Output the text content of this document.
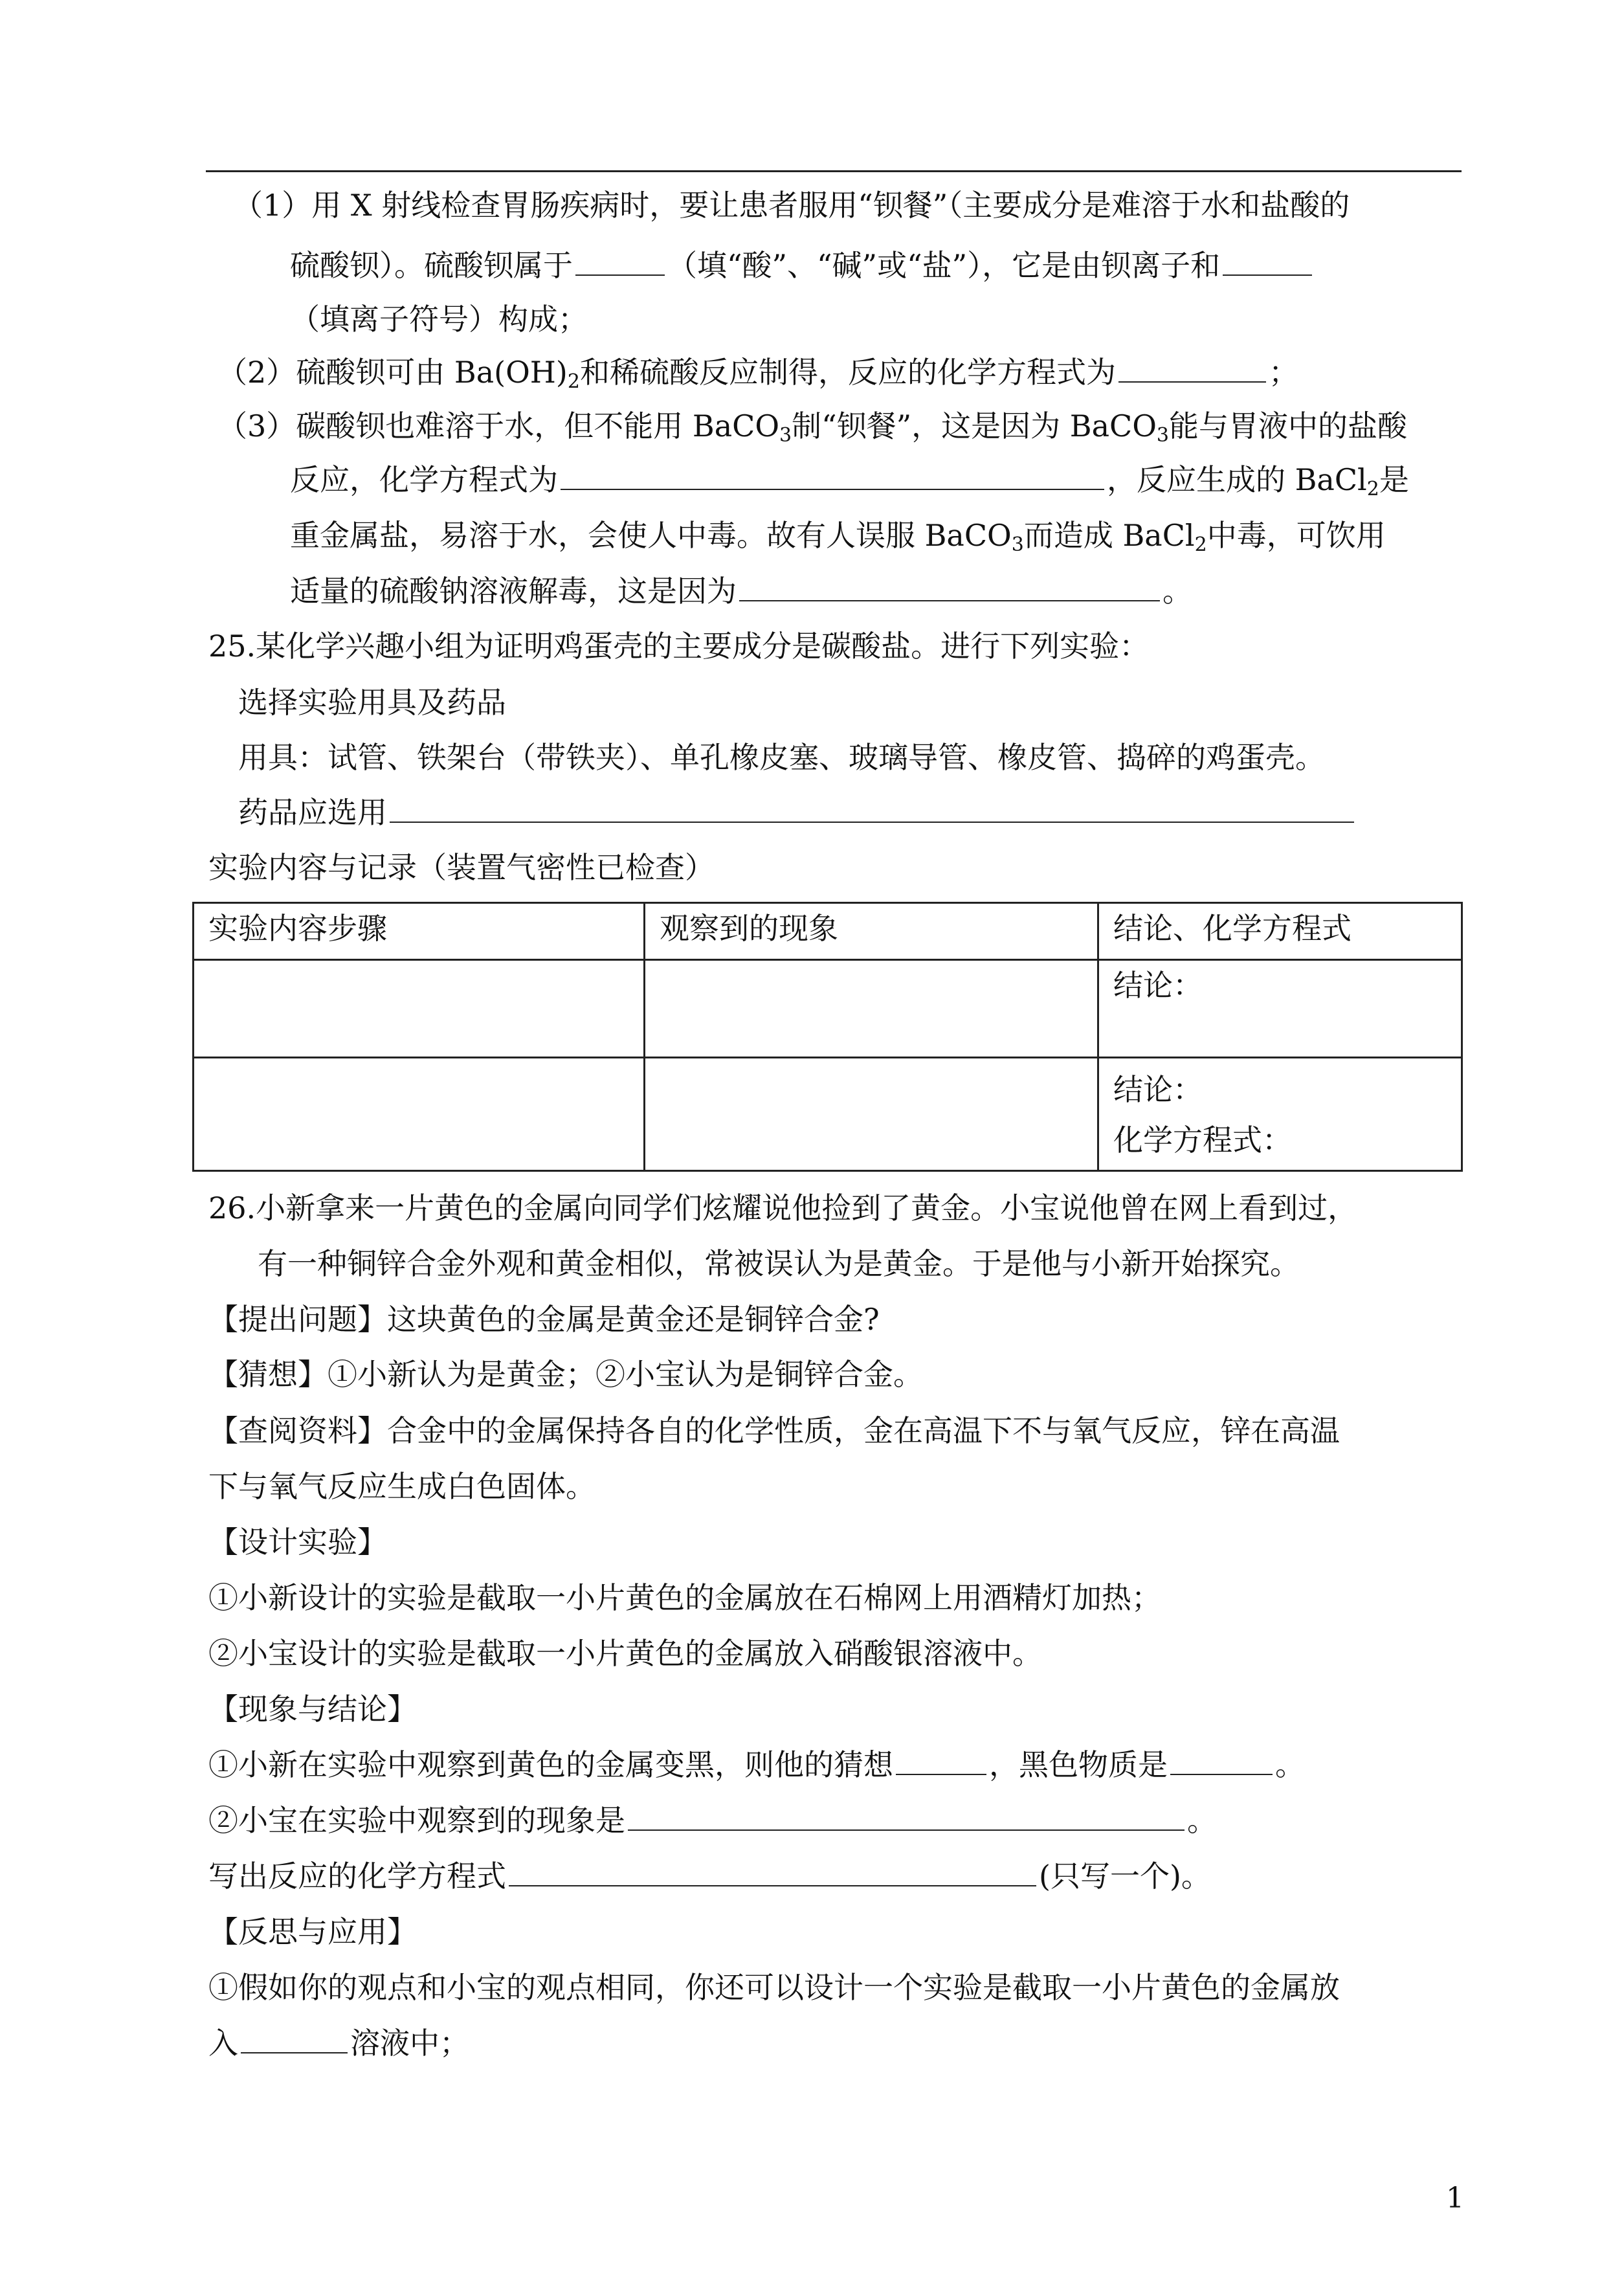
（1）用 X 射线检查胃肠疾病时，要让患者服用“钡餐”（主要成分是难溶于水和盐酸的
硫酸钡）。硫酸钡属于	（填“酸”、“碱”或“盐”），它是由钡离子和
（填离子符号）构成；
（2）硫酸钡可由 $Ba(OH)_2$和稀硫酸反应制得，反应的化学方程式为	；
（3）碳酸钡也难溶于水，但不能用 BaCO$_3$制“钡餐”，这是因为 BaCO$_3$能与胃液中的盐酸
反应，化学方程式为	，反应生成的 BaCl$_2$是
重金属盐，易溶于水，会使人中毒。故有人误服 BaCO$_3$而造成 BaCl$_2$中毒，可饮用
适量的硫酸钠溶液解毒，这是因为	。
25.某化学兴趣小组为证明鸡蛋壳的主要成分是碳酸盐。进行下列实验：
选择实验用具及药品
用具：试管、铁架台（带铁夹）、单孔橡皮塞、玻璃导管、橡皮管、捣碎的鸡蛋壳。
药品应选用
实验内容与记录（装置气密性已检查）
实验内容步骤	观察到的现象	结论、化学方程式
		结论：

		结论：
化学方程式：
26.小新拿来一片黄色的金属向同学们炫耀说他捡到了黄金。小宝说他曾在网上看到过，
有一种铜锌合金外观和黄金相似，常被误认为是黄金。于是他与小新开始探究。
【提出问题】这块黄色的金属是黄金还是铜锌合金?
【猜想】①小新认为是黄金；②小宝认为是铜锌合金。
【查阅资料】合金中的金属保持各自的化学性质，金在高温下不与氧气反应，锌在高温
下与氧气反应生成白色固体。
【设计实验】
①小新设计的实验是截取一小片黄色的金属放在石棉网上用酒精灯加热；
②小宝设计的实验是截取一小片黄色的金属放入硝酸银溶液中。
【现象与结论】
①小新在实验中观察到黄色的金属变黑，则他的猜想	，黑色物质是	。
②小宝在实验中观察到的现象是	。
写出反应的化学方程式	(只写一个)。
【反思与应用】
①假如你的观点和小宝的观点相同，你还可以设计一个实验是截取一小片黄色的金属放
入	溶液中；
1
